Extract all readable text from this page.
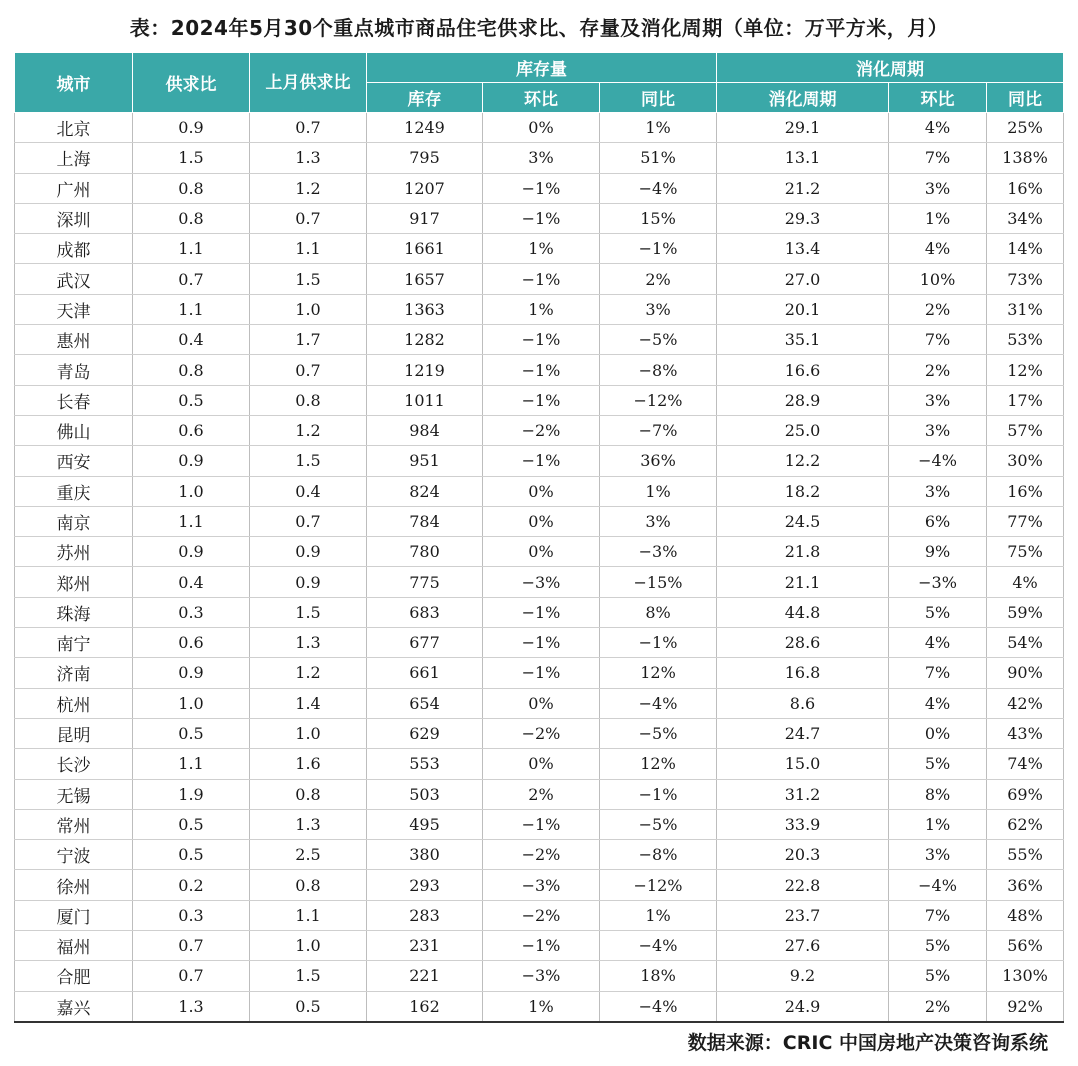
表：2024年5月30个重点城市商品住宅供求比、存量及消化周期（单位：万平方米，月）
城市	供求比	上月供求比	库存量			消化周期		
			库存	环比	同比	消化周期	环比	同比
北京	0.9	0.7	1249	0%	1%	29.1	4%	25%
上海	1.5	1.3	795	3%	51%	13.1	7%	138%
广州	0.8	1.2	1207	−1%	−4%	21.2	3%	16%
深圳	0.8	0.7	917	−1%	15%	29.3	1%	34%
成都	1.1	1.1	1661	1%	−1%	13.4	4%	14%
武汉	0.7	1.5	1657	−1%	2%	27.0	10%	73%
天津	1.1	1.0	1363	1%	3%	20.1	2%	31%
惠州	0.4	1.7	1282	−1%	−5%	35.1	7%	53%
青岛	0.8	0.7	1219	−1%	−8%	16.6	2%	12%
长春	0.5	0.8	1011	−1%	−12%	28.9	3%	17%
佛山	0.6	1.2	984	−2%	−7%	25.0	3%	57%
西安	0.9	1.5	951	−1%	36%	12.2	−4%	30%
重庆	1.0	0.4	824	0%	1%	18.2	3%	16%
南京	1.1	0.7	784	0%	3%	24.5	6%	77%
苏州	0.9	0.9	780	0%	−3%	21.8	9%	75%
郑州	0.4	0.9	775	−3%	−15%	21.1	−3%	4%
珠海	0.3	1.5	683	−1%	8%	44.8	5%	59%
南宁	0.6	1.3	677	−1%	−1%	28.6	4%	54%
济南	0.9	1.2	661	−1%	12%	16.8	7%	90%
杭州	1.0	1.4	654	0%	−4%	8.6	4%	42%
昆明	0.5	1.0	629	−2%	−5%	24.7	0%	43%
长沙	1.1	1.6	553	0%	12%	15.0	5%	74%
无锡	1.9	0.8	503	2%	−1%	31.2	8%	69%
常州	0.5	1.3	495	−1%	−5%	33.9	1%	62%
宁波	0.5	2.5	380	−2%	−8%	20.3	3%	55%
徐州	0.2	0.8	293	−3%	−12%	22.8	−4%	36%
厦门	0.3	1.1	283	−2%	1%	23.7	7%	48%
福州	0.7	1.0	231	−1%	−4%	27.6	5%	56%
合肥	0.7	1.5	221	−3%	18%	9.2	5%	130%
嘉兴	1.3	0.5	162	1%	−4%	24.9	2%	92%
数据来源：CRIC 中国房地产决策咨询系统
